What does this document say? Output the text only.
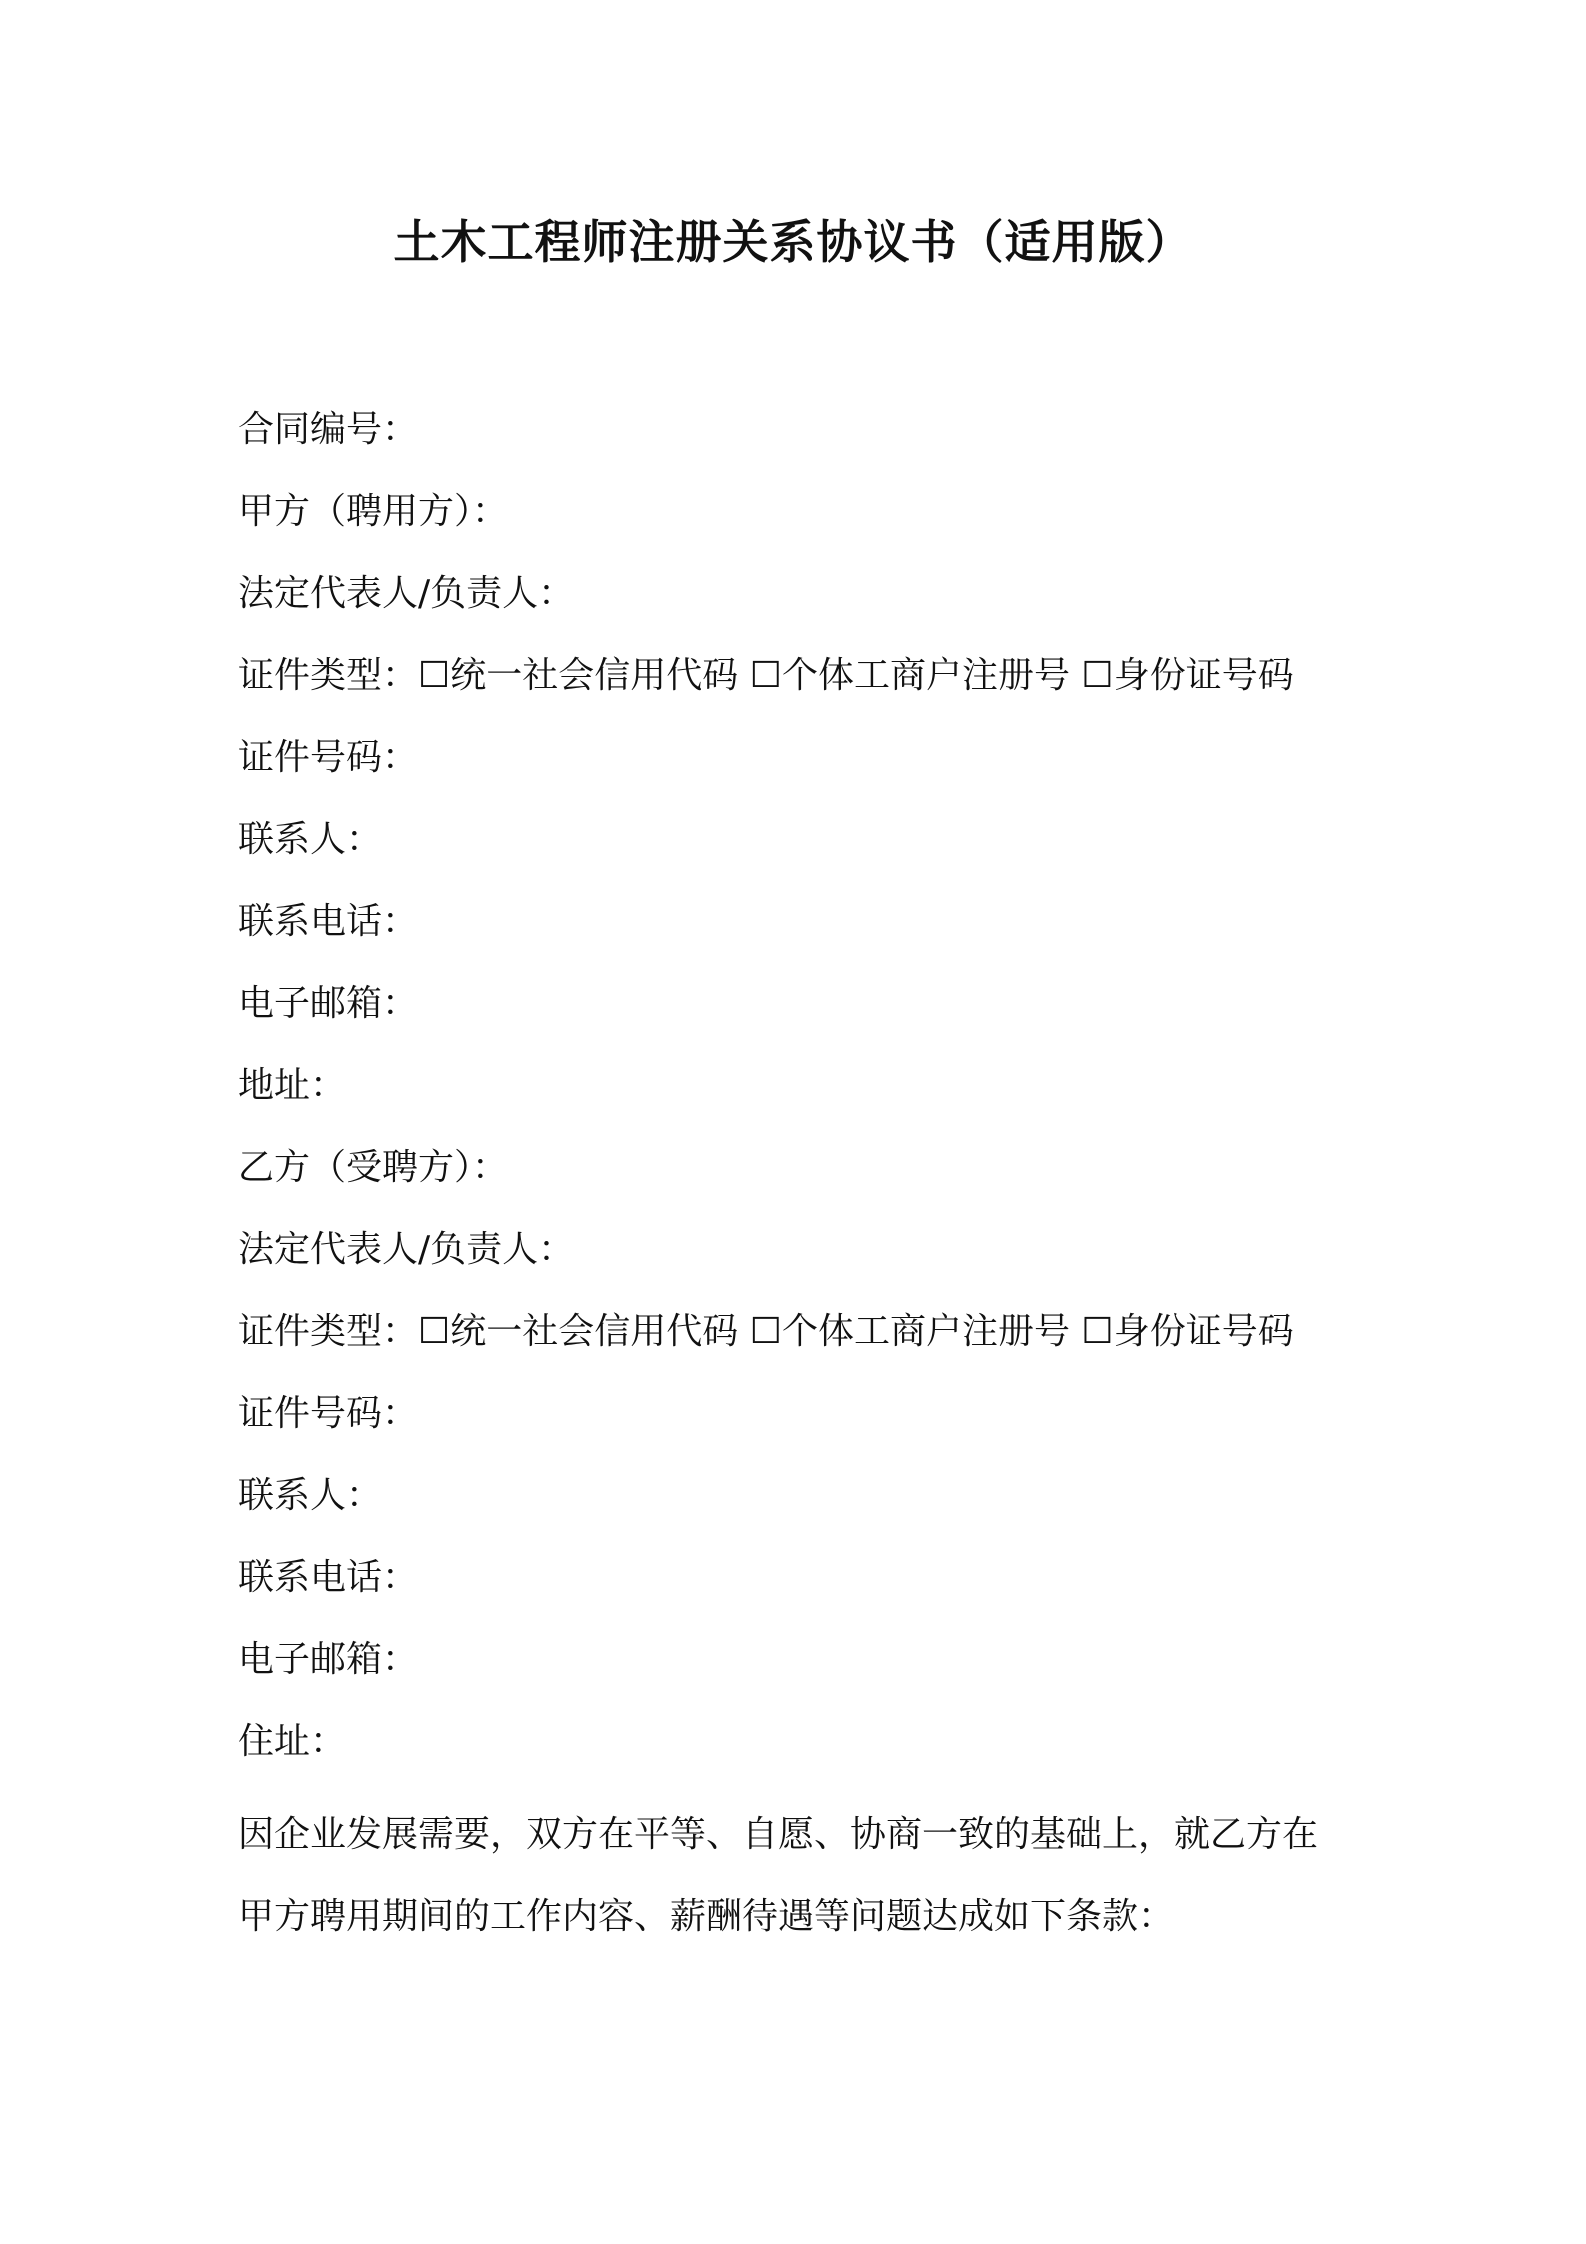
土木工程师注册关系协议书（适用版）
合同编号：
甲方（聘用方）：
法定代表人/负责人：
证件类型：☐统一社会信用代码 ☐个体工商户注册号 ☐身份证号码
证件号码：
联系人：
联系电话：
电子邮箱：
地址：
乙方（受聘方）：
法定代表人/负责人：
证件类型：☐统一社会信用代码 ☐个体工商户注册号 ☐身份证号码
证件号码：
联系人：
联系电话：
电子邮箱：
住址：
因企业发展需要，双方在平等、自愿、协商一致的基础上，就乙方在甲方聘用期间的工作内容、薪酬待遇等问题达成如下条款：
